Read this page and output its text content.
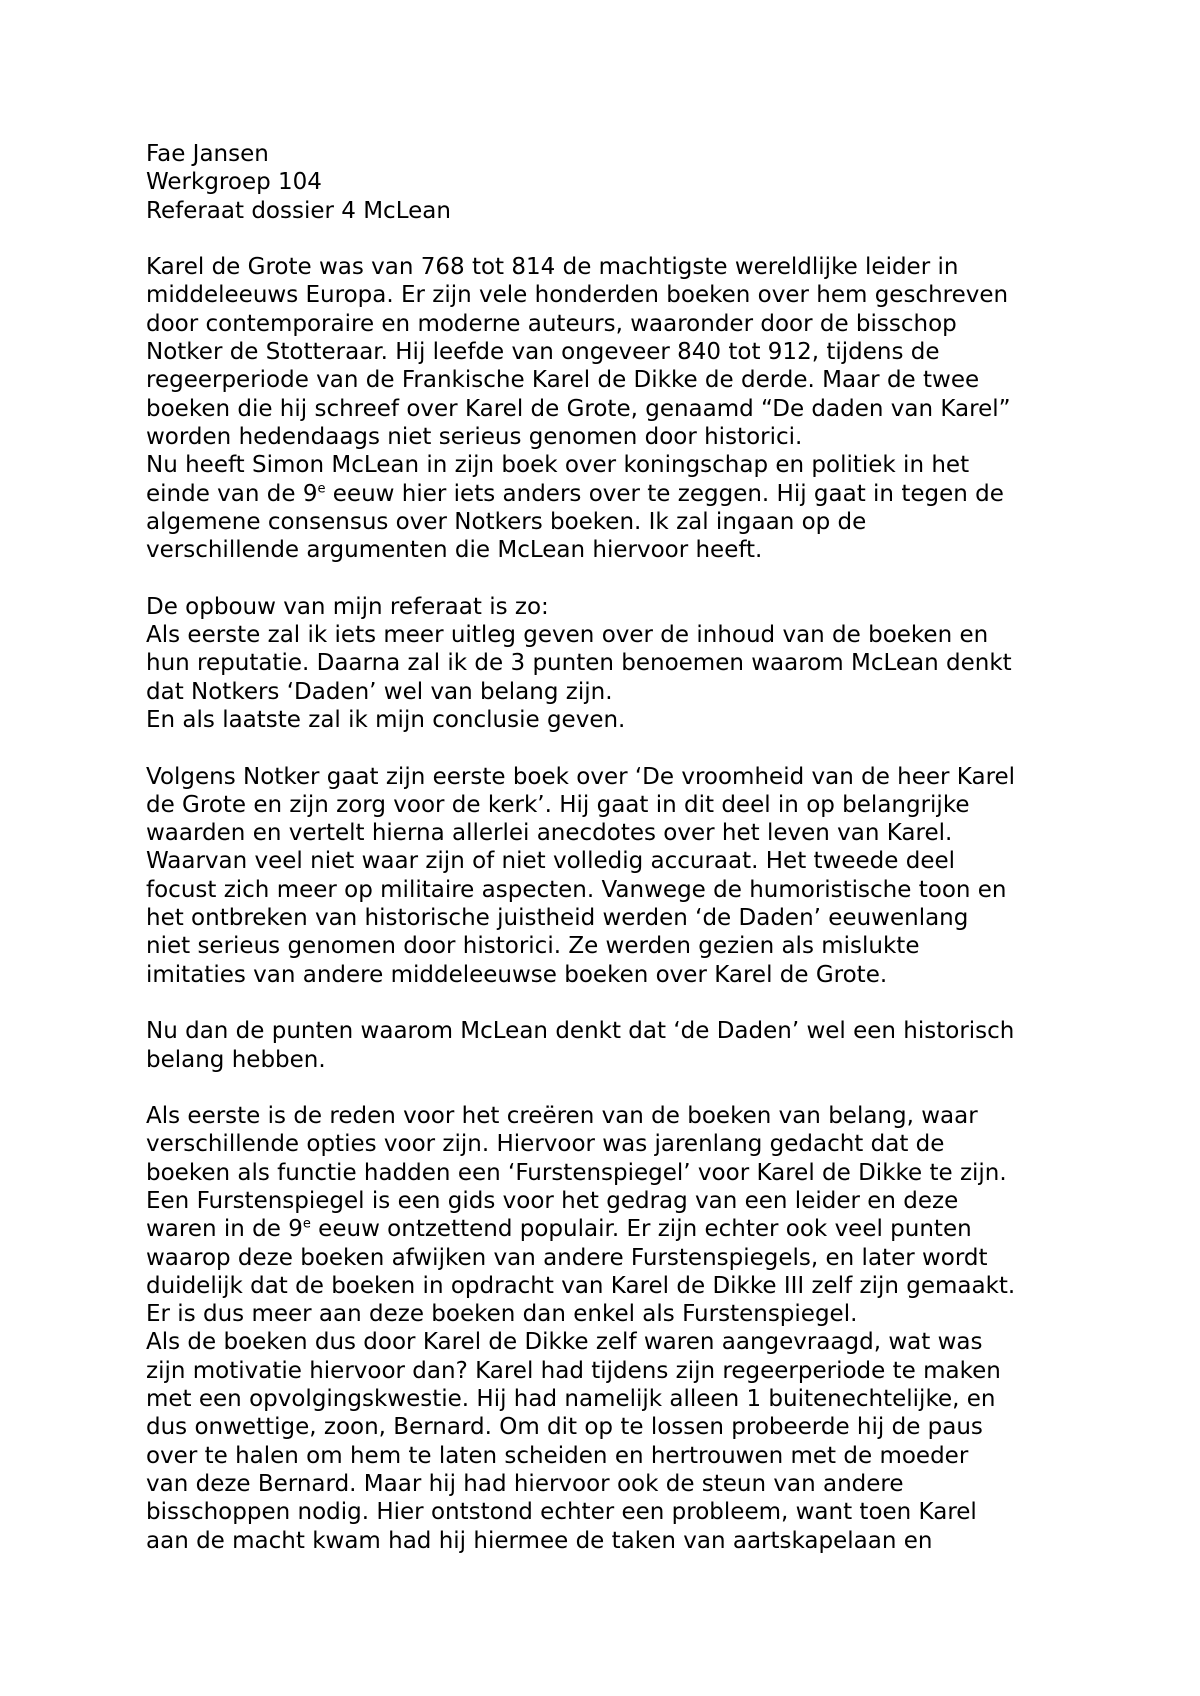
Fae Jansen
Werkgroep 104
Referaat dossier 4 McLean
Karel de Grote was van 768 tot 814 de machtigste wereldlijke leider in
middeleeuws Europa. Er zijn vele honderden boeken over hem geschreven
door contemporaire en moderne auteurs, waaronder door de bisschop
Notker de Stotteraar. Hij leefde van ongeveer 840 tot 912, tijdens de
regeerperiode van de Frankische Karel de Dikke de derde. Maar de twee
boeken die hij schreef over Karel de Grote, genaamd “De daden van Karel”
worden hedendaags niet serieus genomen door historici.
Nu heeft Simon McLean in zijn boek over koningschap en politiek in het
einde van de 9e eeuw hier iets anders over te zeggen. Hij gaat in tegen de
algemene consensus over Notkers boeken. Ik zal ingaan op de
verschillende argumenten die McLean hiervoor heeft.
De opbouw van mijn referaat is zo:
Als eerste zal ik iets meer uitleg geven over de inhoud van de boeken en
hun reputatie. Daarna zal ik de 3 punten benoemen waarom McLean denkt
dat Notkers ‘Daden’ wel van belang zijn.
En als laatste zal ik mijn conclusie geven.
Volgens Notker gaat zijn eerste boek over ‘De vroomheid van de heer Karel
de Grote en zijn zorg voor de kerk’. Hij gaat in dit deel in op belangrijke
waarden en vertelt hierna allerlei anecdotes over het leven van Karel.
Waarvan veel niet waar zijn of niet volledig accuraat. Het tweede deel
focust zich meer op militaire aspecten. Vanwege de humoristische toon en
het ontbreken van historische juistheid werden ‘de Daden’ eeuwenlang
niet serieus genomen door historici. Ze werden gezien als mislukte
imitaties van andere middeleeuwse boeken over Karel de Grote.
Nu dan de punten waarom McLean denkt dat ‘de Daden’ wel een historisch
belang hebben.
Als eerste is de reden voor het creëren van de boeken van belang, waar
verschillende opties voor zijn. Hiervoor was jarenlang gedacht dat de
boeken als functie hadden een ‘Furstenspiegel’ voor Karel de Dikke te zijn.
Een Furstenspiegel is een gids voor het gedrag van een leider en deze
waren in de 9e eeuw ontzettend populair. Er zijn echter ook veel punten
waarop deze boeken afwijken van andere Furstenspiegels, en later wordt
duidelijk dat de boeken in opdracht van Karel de Dikke III zelf zijn gemaakt.
Er is dus meer aan deze boeken dan enkel als Furstenspiegel.
Als de boeken dus door Karel de Dikke zelf waren aangevraagd, wat was
zijn motivatie hiervoor dan? Karel had tijdens zijn regeerperiode te maken
met een opvolgingskwestie. Hij had namelijk alleen 1 buitenechtelijke, en
dus onwettige, zoon, Bernard. Om dit op te lossen probeerde hij de paus
over te halen om hem te laten scheiden en hertrouwen met de moeder
van deze Bernard. Maar hij had hiervoor ook de steun van andere
bisschoppen nodig. Hier ontstond echter een probleem, want toen Karel
aan de macht kwam had hij hiermee de taken van aartskapelaan en
